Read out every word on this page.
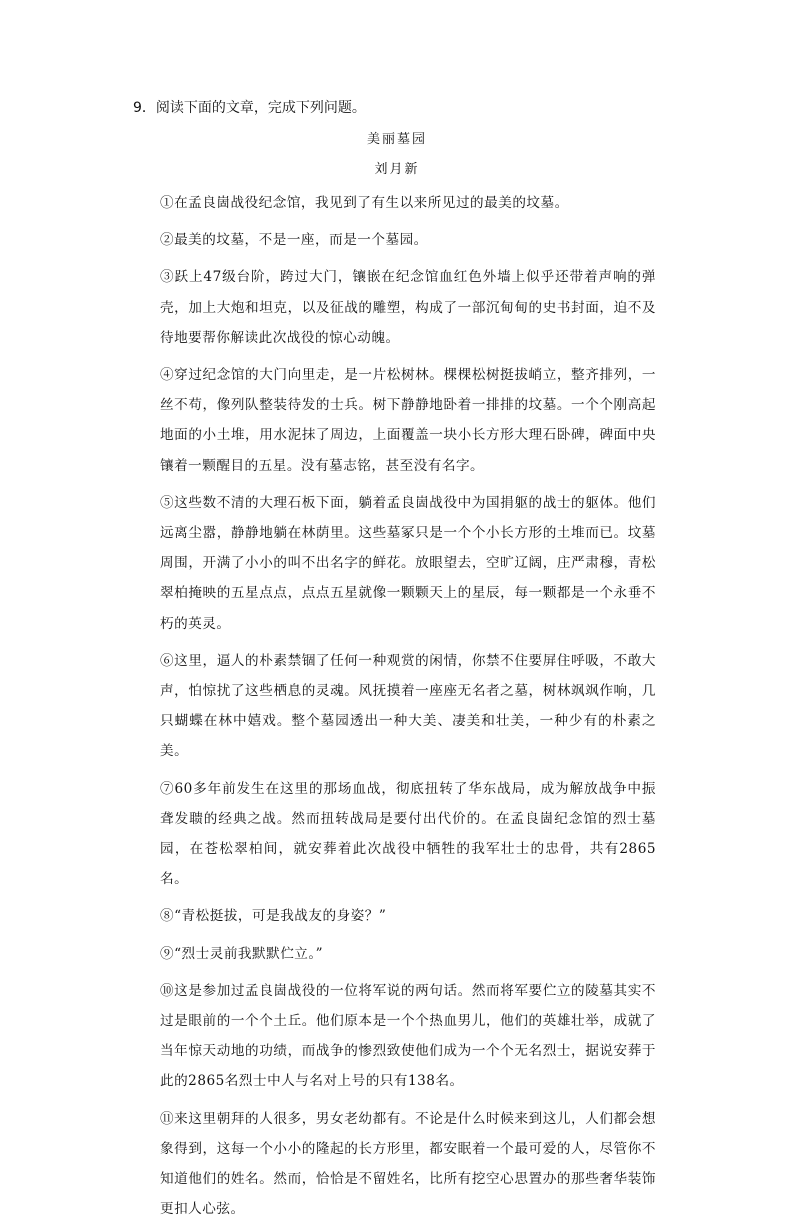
9．阅读下面的文章，完成下列问题。
美丽墓园
刘月新

①在孟良崮战役纪念馆，我见到了有生以来所见过的最美的坟墓。

②最美的坟墓，不是一座，而是一个墓园。

③跃上47级台阶，跨过大门，镶嵌在纪念馆血红色外墙上似乎还带着声响的弹壳，加上大炮和坦克，以及征战的雕塑，构成了一部沉甸甸的史书封面，迫不及待地要帮你解读此次战役的惊心动魄。

④穿过纪念馆的大门向里走，是一片松树林。棵棵松树挺拔峭立，整齐排列，一丝不苟，像列队整装待发的士兵。树下静静地卧着一排排的坟墓。一个个刚高起地面的小土堆，用水泥抹了周边，上面覆盖一块小长方形大理石卧碑，碑面中央镶着一颗醒目的五星。没有墓志铭，甚至没有名字。

⑤这些数不清的大理石板下面，躺着孟良崮战役中为国捐躯的战士的躯体。他们远离尘嚣，静静地躺在林荫里。这些墓冢只是一个个小长方形的土堆而已。坟墓周围，开满了小小的叫不出名字的鲜花。放眼望去，空旷辽阔，庄严肃穆，青松翠柏掩映的五星点点，点点五星就像一颗颗天上的星辰，每一颗都是一个永垂不朽的英灵。

⑥这里，逼人的朴素禁锢了任何一种观赏的闲情，你禁不住要屏住呼吸，不敢大声，怕惊扰了这些栖息的灵魂。风抚摸着一座座无名者之墓，树林飒飒作响，几只蝴蝶在林中嬉戏。整个墓园透出一种大美、凄美和壮美，一种少有的朴素之美。

⑦60多年前发生在这里的那场血战，彻底扭转了华东战局，成为解放战争中振聋发聩的经典之战。然而扭转战局是要付出代价的。在孟良崮纪念馆的烈士墓园，在苍松翠柏间，就安葬着此次战役中牺牲的我军壮士的忠骨，共有2865名。

⑧“青松挺拔，可是我战友的身姿？”

⑨“烈士灵前我默默伫立。”

⑩这是参加过孟良崮战役的一位将军说的两句话。然而将军要伫立的陵墓其实不过是眼前的一个个土丘。他们原本是一个个热血男儿，他们的英雄壮举，成就了当年惊天动地的功绩，而战争的惨烈致使他们成为一个个无名烈士，据说安葬于此的2865名烈士中人与名对上号的只有138名。

⑪来这里朝拜的人很多，男女老幼都有。不论是什么时候来到这儿，人们都会想象得到，这每一个小小的隆起的长方形里，都安眠着一个最可爱的人，尽管你不知道他们的姓名。然而，恰恰是不留姓名，比所有挖空心思置办的那些奢华装饰更扣人心弦。
